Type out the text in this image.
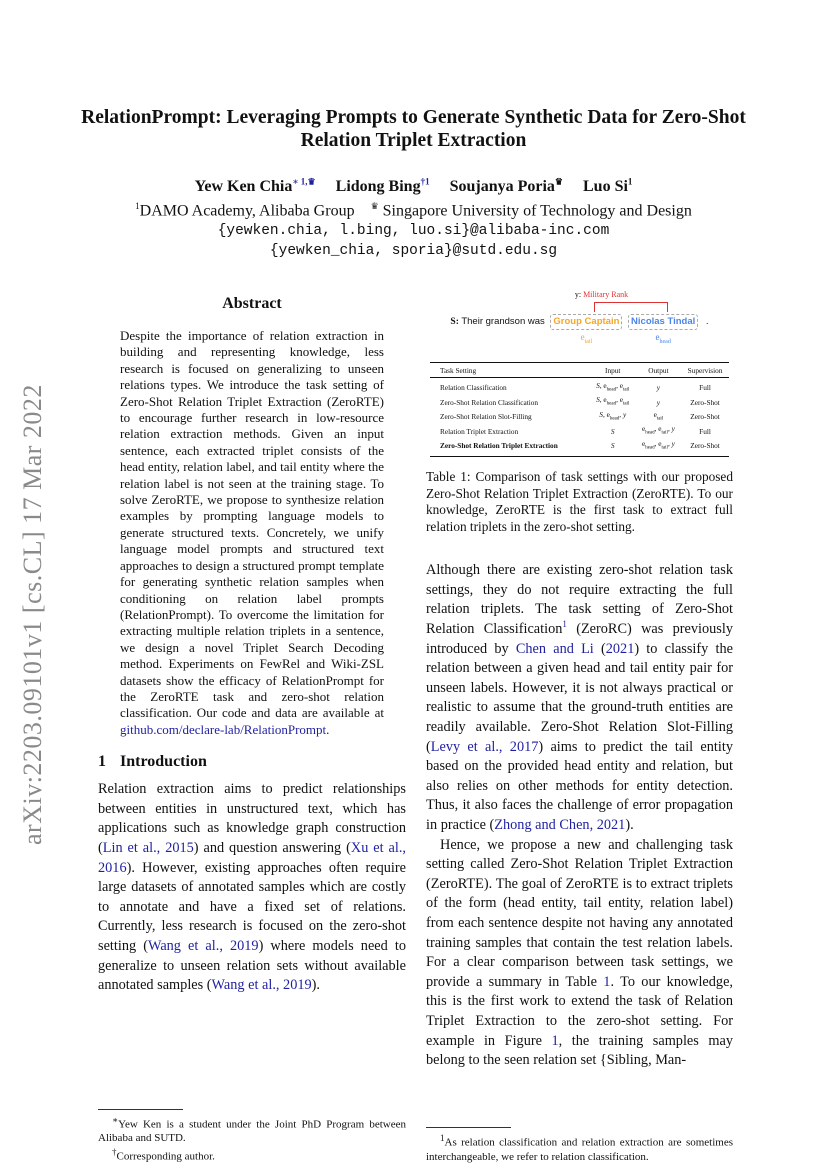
arXiv:2203.09101v1 [cs.CL] 17 Mar 2022
RelationPrompt: Leveraging Prompts to Generate Synthetic Data for Zero-Shot Relation Triplet Extraction
Yew Ken Chia$^{∗ 1,♛}$ Lidong Bing$^{\dagger 1}$ Soujanya Poria♛ Luo Si$^1$
$^1$DAMO Academy, Alibaba Group ♛ Singapore University of Technology and Design
{yewken.chia, l.bing, luo.si}@alibaba-inc.com
{yewken_chia, sporia}@sutd.edu.sg
Abstract
Despite the importance of relation extraction in building and representing knowledge, less research is focused on generalizing to unseen relations types. We introduce the task setting of Zero-Shot Relation Triplet Extraction (ZeroRTE) to encourage further research in low-resource relation extraction methods. Given an input sentence, each extracted triplet consists of the head entity, relation label, and tail entity where the relation label is not seen at the training stage. To solve ZeroRTE, we propose to synthesize relation examples by prompting language models to generate structured texts. Concretely, we unify language model prompts and structured text approaches to design a structured prompt template for generating synthetic relation samples when conditioning on relation label prompts (RelationPrompt). To overcome the limitation for extracting multiple relation triplets in a sentence, we design a novel Triplet Search Decoding method. Experiments on FewRel and Wiki-ZSL datasets show the efficacy of RelationPrompt for the ZeroRTE task and zero-shot relation classification. Our code and data are available at github.com/declare-lab/RelationPrompt.
1 Introduction

Relation extraction aims to predict relationships between entities in unstructured text, which has applications such as knowledge graph construction (Lin et al., 2015) and question answering (Xu et al., 2016). However, existing approaches often require large datasets of annotated samples which are costly to annotate and have a fixed set of relations. Currently, less research is focused on the zero-shot setting (Wang et al., 2019) where models need to generalize to unseen relation sets without available annotated samples (Wang et al., 2019).

∗Yew Ken is a student under the Joint PhD Program between Alibaba and SUTD.
†Corresponding author.
y: Military Rank
S: Their grandson was Group Captain
$e_{tail}$
Nicolas Tindal
$e_{head}$
.
Task Setting	Input	Output	Supervision
Relation Classification	S, $e_{head}$, $e_{tail}$	y	Full
Zero-Shot Relation Classification	S, $e_{head}$, $e_{tail}$	y	Zero-Shot
Zero-Shot Relation Slot-Filling	S, $e_{head}$, y	$e_{tail}$	Zero-Shot
Relation Triplet Extraction	S	$e_{head}$, $e_{tail}$, y	Full
Zero-Shot Relation Triplet Extraction	S	$e_{head}$, $e_{tail}$, y	Zero-Shot
Table 1: Comparison of task settings with our proposed Zero-Shot Relation Triplet Extraction (ZeroRTE). To our knowledge, ZeroRTE is the first task to extract full relation triplets in the zero-shot setting.

Although there are existing zero-shot relation task settings, they do not require extracting the full relation triplets. The task setting of Zero-Shot Relation Classification$^1$ (ZeroRC) was previously introduced by Chen and Li (2021) to classify the relation between a given head and tail entity pair for unseen labels. However, it is not always practical or realistic to assume that the ground-truth entities are readily available. Zero-Shot Relation Slot-Filling (Levy et al., 2017) aims to predict the tail entity based on the provided head entity and relation, but also relies on other methods for entity detection. Thus, it also faces the challenge of error propagation in practice (Zhong and Chen, 2021).

Hence, we propose a new and challenging task setting called Zero-Shot Relation Triplet Extraction (ZeroRTE). The goal of ZeroRTE is to extract triplets of the form (head entity, tail entity, relation label) from each sentence despite not having any annotated training samples that contain the test relation labels. For a clear comparison between task settings, we provide a summary in Table 1. To our knowledge, this is the first work to extend the task of Relation Triplet Extraction to the zero-shot setting. For example in Figure 1, the training samples may belong to the seen relation set {Sibling, Man-

$^1$As relation classification and relation extraction are sometimes interchangeable, we refer to relation classification.
